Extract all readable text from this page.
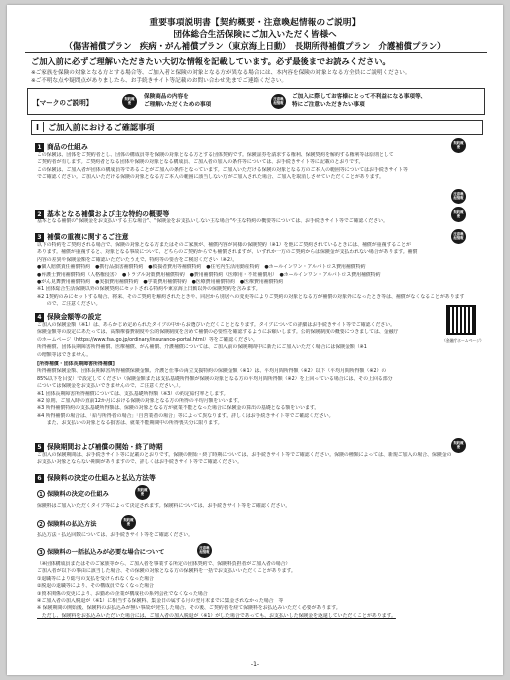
重要事項説明書【契約概要・注意喚起情報のご説明】
団体総合生活保険にご加入いただく皆様へ
（傷害補償プラン　疾病・がん補償プラン（東京海上日動）　長期所得補償プラン　介護補償プラン）
ご加入前に必ずご理解いただきたい大切な情報を記載しています。必ず最後までお読みください。
※ご家族を保険の対象となる方とする場合等、ご加入者と保険の対象となる方が異なる場合には、本内容を保険の対象となる方全員にご説明ください。
※ご不明な点や疑問点がありましたら、お手続きサイト等記載のお問い合わせ先までご連絡ください。
【マークのご説明】
契約概要
保険商品の内容を
ご理解いただくための事項
注意喚起情報
ご加入に際してお客様にとって不利益になる事項等、
特にご注意いただきたい事項
Ⅰ ご加入前におけるご確認事項
1 商品の仕組み
契約概要
この保険は、団体をご契約者とし、団体の構成員等を保険の対象となる方とする団体契約です。保険証券を請求する権利、保険契約を解約する権利等は原則として
ご契約者が有します。ご契約者となる団体や保険の対象となる構成員、ご加入者の加入の条件等については、お手続きサイト等に記載のとおりです。
この保険は、ご加入者が団体の構成員等であることがご加入の条件となっています。ご加入いただける保険の対象となる方のご本人の範囲等についてはお手続きサイト等
でご確認ください。ご加入いただける保険の対象となる方ご本人の範囲に該当しない方がご加入された場合、ご加入を取消しさせていただくことがあります。
注意喚起情報
2 基本となる補償および主な特約の概要等	契約概要
基本となる補償の"保険金をお支払いする主な場合"、"保険金をお支払いしない主な場合"や主な特約の概要等については、お手続きサイト等でご確認ください。
3 補償の重複に関するご注意	注意喚起情報
以下の特約をご契約される場合で、保険の対象となる方またはそのご家族が、補償内容が同様の保険契約（※1）を他にご契約されているときには、補償が重複することが
あります。補償が重複すると、対象となる事故について、どちらのご契約からでも補償されますが、いずれか一方のご契約からは保険金が支払われない場合があります。補償
内容の差異や保険金額をご確認いただいたうえで、特約等の要否をご検討ください（※2）。
●個人賠償責任補償特約　●携行品損害補償特約　●救援者費用等補償特約　●住宅内生活用動産特約　●ホールインワン・アルバトロス費用補償特約
●弁護士費用補償特約（人格権侵害）　●トラブル対策費用補償特約　●費用補償特約（医療用・不妊補償用）　●ホールインワン・アルバトロス費用補償特約
●がん見舞費用補償特約　●実損費用補償特約　●学業費用補償特約　●医療費用補償特約　●医療費用補償特約
※1 団体総合生活保険以外の保険契約にセットされる特約や東京海上日動以外の保険契約を含みます。
※2 1契約のみにセットする場合、将来、そのご契約を解約されたときや、同居から別居への変更等によりご契約の対象となる方が補償の対象外になったとき等は、補償がなくなることがあります
　　ので、ご注意ください。
4 保険金額等の設定
ご加入の保険金額（※1）は、あらかじめ定められたタイプの中からお選びいただくこととなります。タイプについての詳細はお手続きサイト等でご確認ください。
保険金額等の設定にあたっては、高額療養費制度や公的保険制度を含めて補償の必要性を確認するようにお願いします。公的保険制度の概要につきましては、金融庁
のホームページ（https://www.fsa.go.jp/ordinary/insurance-portal.html）等をご確認ください。
所得補償、団体長期障害所得補償、医療補償、がん補償、介護補償については、ご加入前の保険期間中に新たにご加入いただく場合には保険金額（※1
の増額等はできません。
（金融庁ホームページ）
[所得補償・団体長期障害所得補償]
所得補償保険金額、団体長期障害所得補償保険金額、介護と仕事の両立支援特約の保険金額（※1）は、平均月間所得額（※2）以下（平均月間所得額（※2）の
85%以下を目安）で設定してください（保険金額または支払基礎所得額が保険の対象となる方の平均月間所得額（※2）を上回っている場合には、その上回る部分
については保険金をお支払いできませんので、ご注意ください。）。
※1 団体長期障害所得補償については、支払基礎所得額（※3）の約定給付率とします。
※2 原則、ご加入時の直前12か月における保険の対象となる方の所得の平均月額をいいます。
※3 所得補償特約の支払基礎所得額は、保険の対象となる方が就業不能となった場合に保険金の算出の基礎となる額をいいます。
※4 所得補償の場合は、「給与所得者の場合」「自営業者の場合」等によって異なります。詳しくはお手続きサイト等でご確認ください。
　　また、お支払いの対象となる損害は、就業不能期間中の所得喪失分に限ります。
5 保険期間および補償の開始・終了時期
契約概要
ご加入の保険期間は、お手続きサイト等に記載のとおりです。保険の開始・終了時期については、お手続きサイト等でご確認ください。保険の種類によっては、新規ご加入の場合、保険金の
お支払い対象とならない期間がありますので、詳しくはお手続きサイト等でご確認ください。
6 保険料の決定の仕組みと払込方法等
1 保険料の決定の仕組み
契約概要
保険料はご加入いただくタイプ等によって決定されます。保険料については、お手続きサイト等をご確認ください。
2 保険料の払込方法
契約概要
払込方法・払込回数については、お手続きサイト等をご確認ください。
3 保険料の一括払込みが必要な場合について
注意喚起情報
（※団体構成員またはそのご家族等から、ご加入者を事業する所定の団体契約で、保険料負担者がご加入者の場合）
ご加入者が以下の事由に該当した場合、その保険の対象となる方の保険料を一括でお支払いいただくことがあります。
①退職等により総与の支払を受けられなくなった場合
②脱退の退職等により、その構成員でなくなった場合
③資本関係の変更により、お勤めの企業が構成社の系列会社でなくなった場合
④ご加入者の加入脱退が（※1）に相当する保険料、集金日の属する月の翌月末までに集金されなかった場合　等
※ 保険期間の開始後、保険料のお払込みが無い事故が発生した場合、その後、ご契約者を経て保険料をお払込みいただく必要があります。
　ただし、保険料をお払込みいただいた場合には、ご加入者の加入脱退が（※1）がした場合であっても、お支払いした保険金を返還していただくことがあります。
-1-
